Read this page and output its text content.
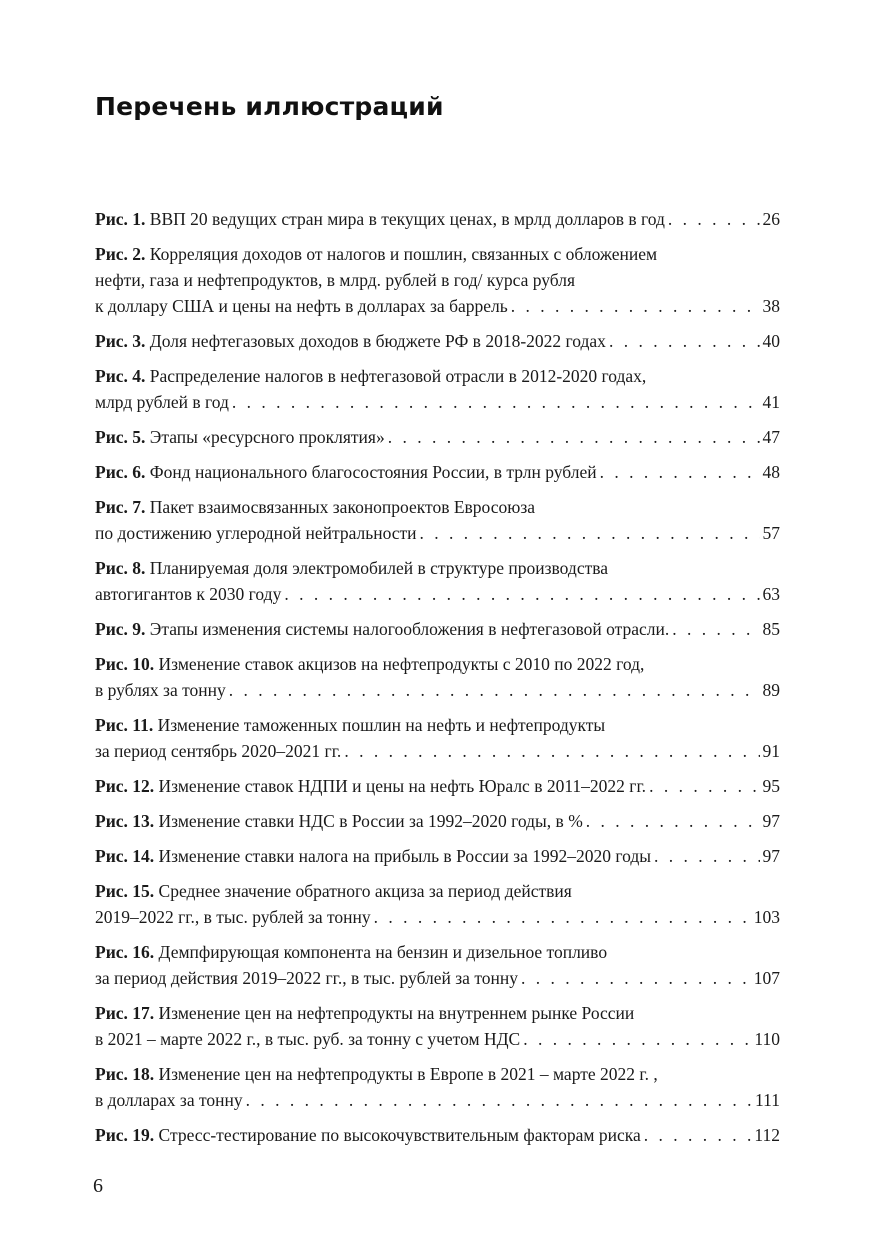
Перечень иллюстраций
Рис. 1.
ВВП 20 ведущих стран мира в текущих ценах, в мрлд долларов в год . . .	26
Рис. 2.
Корреляция доходов от налогов и пошлин, связанных с обложением
нефти, газа и нефтепродуктов, в млрд. рублей в год/ курса рубля
к доллару США и цены на нефть в долларах за баррель . . .	38
Рис. 3.
Доля нефтегазовых доходов в бюджете РФ в 2018-2022 годах . . .	40
Рис. 4.
Распределение налогов в нефтегазовой отрасли в 2012-2020 годах,
млрд рублей в год . . .	41
Рис. 5.
Этапы «ресурсного проклятия» . . .	47
Рис. 6.
Фонд национального благосостояния России, в трлн рублей . . .	48
Рис. 7.
Пакет взаимосвязанных законопроектов Евросоюза
по достижению углеродной нейтральности . . .	57
Рис. 8.
Планируемая доля электромобилей в структуре производства
автогигантов к 2030 году . . .	63
Рис. 9.
Этапы изменения системы налогообложения в нефтегазовой отрасли. . . .	85
Рис. 10.
Изменение ставок акцизов на нефтепродукты с 2010 по 2022 год,
в рублях за тонну . . .	89
Рис. 11.
Изменение таможенных пошлин на нефть и нефтепродукты
за период сентябрь 2020–2021 гг. . . .	91
Рис. 12.
Изменение ставок НДПИ и цены на нефть Юралс в 2011–2022 гг. . . .	95
Рис. 13.
Изменение ставки НДС в России за 1992–2020 годы, в % . . .	97
Рис. 14.
Изменение ставки налога на прибыль в России за 1992–2020 годы . . .	97
Рис. 15.
Среднее значение обратного акциза за период действия
2019–2022 гг., в тыс. рублей за тонну . . .	103
Рис. 16.
Демпфирующая компонента на бензин и дизельное топливо
за период действия 2019–2022 гг., в тыс. рублей за тонну . . .	107
Рис. 17.
Изменение цен на нефтепродукты на внутреннем рынке России
в 2021 – марте 2022 г., в тыс. руб. за тонну с учетом НДС . . .	110
Рис. 18.
Изменение цен на нефтепродукты в Европе в 2021 – марте 2022 г. ,
в долларах за тонну . . .	111
Рис. 19.
Стресс-тестирование по высокочувствительным факторам риска . . .	112
6
